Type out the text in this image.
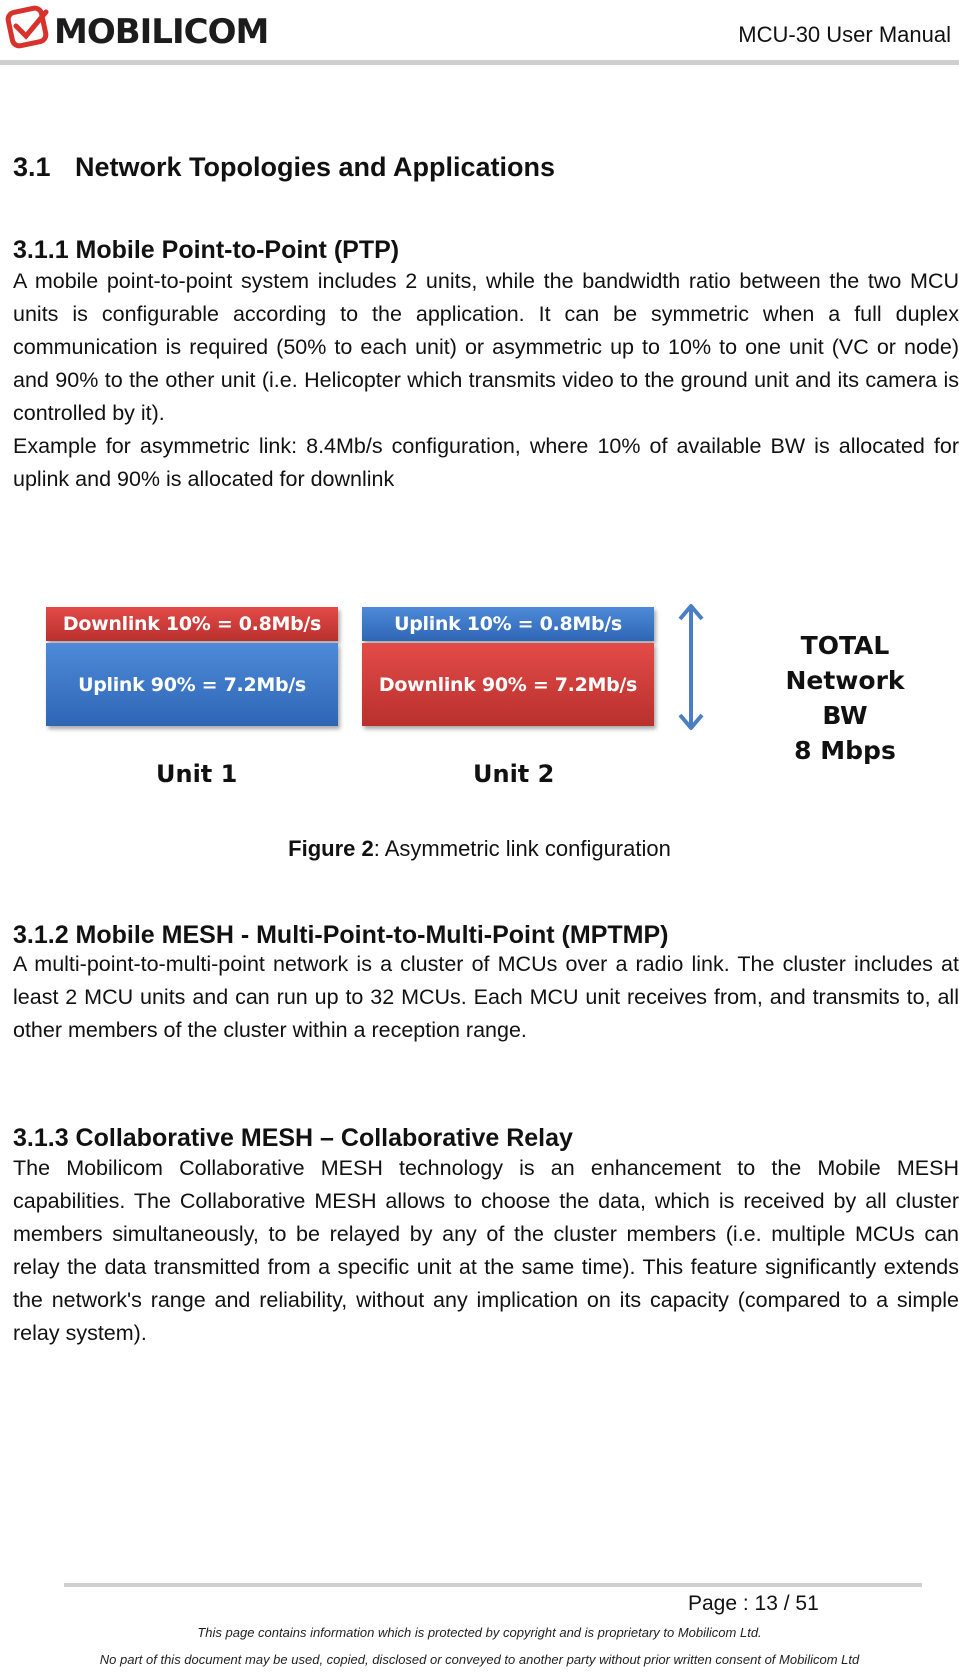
MOBILICOM	MCU-30 User Manual
3.1 Network Topologies and Applications
3.1.1 Mobile Point-to-Point (PTP)
A mobile point-to-point system includes 2 units, while the bandwidth ratio between the two MCU units is configurable according to the application. It can be symmetric when a full duplex communication is required (50% to each unit) or asymmetric up to 10% to one unit (VC or node) and 90% to the other unit (i.e. Helicopter which transmits video to the ground unit and its camera is controlled by it).
Example for asymmetric link: 8.4Mb/s configuration, where 10% of available BW is allocated for uplink and 90% is allocated for downlink
Downlink 10% = 0.8Mb/s
Uplink 90% = 7.2Mb/s
Uplink 10% = 0.8Mb/s
Downlink 90% = 7.2Mb/s
TOTAL
Network BW
8 Mbps
Unit 1	Unit 2
Figure 2: Asymmetric link configuration
3.1.2 Mobile MESH - Multi-Point-to-Multi-Point (MPTMP)
A multi-point-to-multi-point network is a cluster of MCUs over a radio link. The cluster includes at least 2 MCU units and can run up to 32 MCUs. Each MCU unit receives from, and transmits to, all other members of the cluster within a reception range.
3.1.3 Collaborative MESH – Collaborative Relay
The Mobilicom Collaborative MESH technology is an enhancement to the Mobile MESH capabilities. The Collaborative MESH allows to choose the data, which is received by all cluster members simultaneously, to be relayed by any of the cluster members (i.e. multiple MCUs can relay the data transmitted from a specific unit at the same time). This feature significantly extends the network's range and reliability, without any implication on its capacity (compared to a simple relay system).
Page : 13 / 51
This page contains information which is protected by copyright and is proprietary to Mobilicom Ltd.
No part of this document may be used, copied, disclosed or conveyed to another party without prior written consent of Mobilicom Ltd
